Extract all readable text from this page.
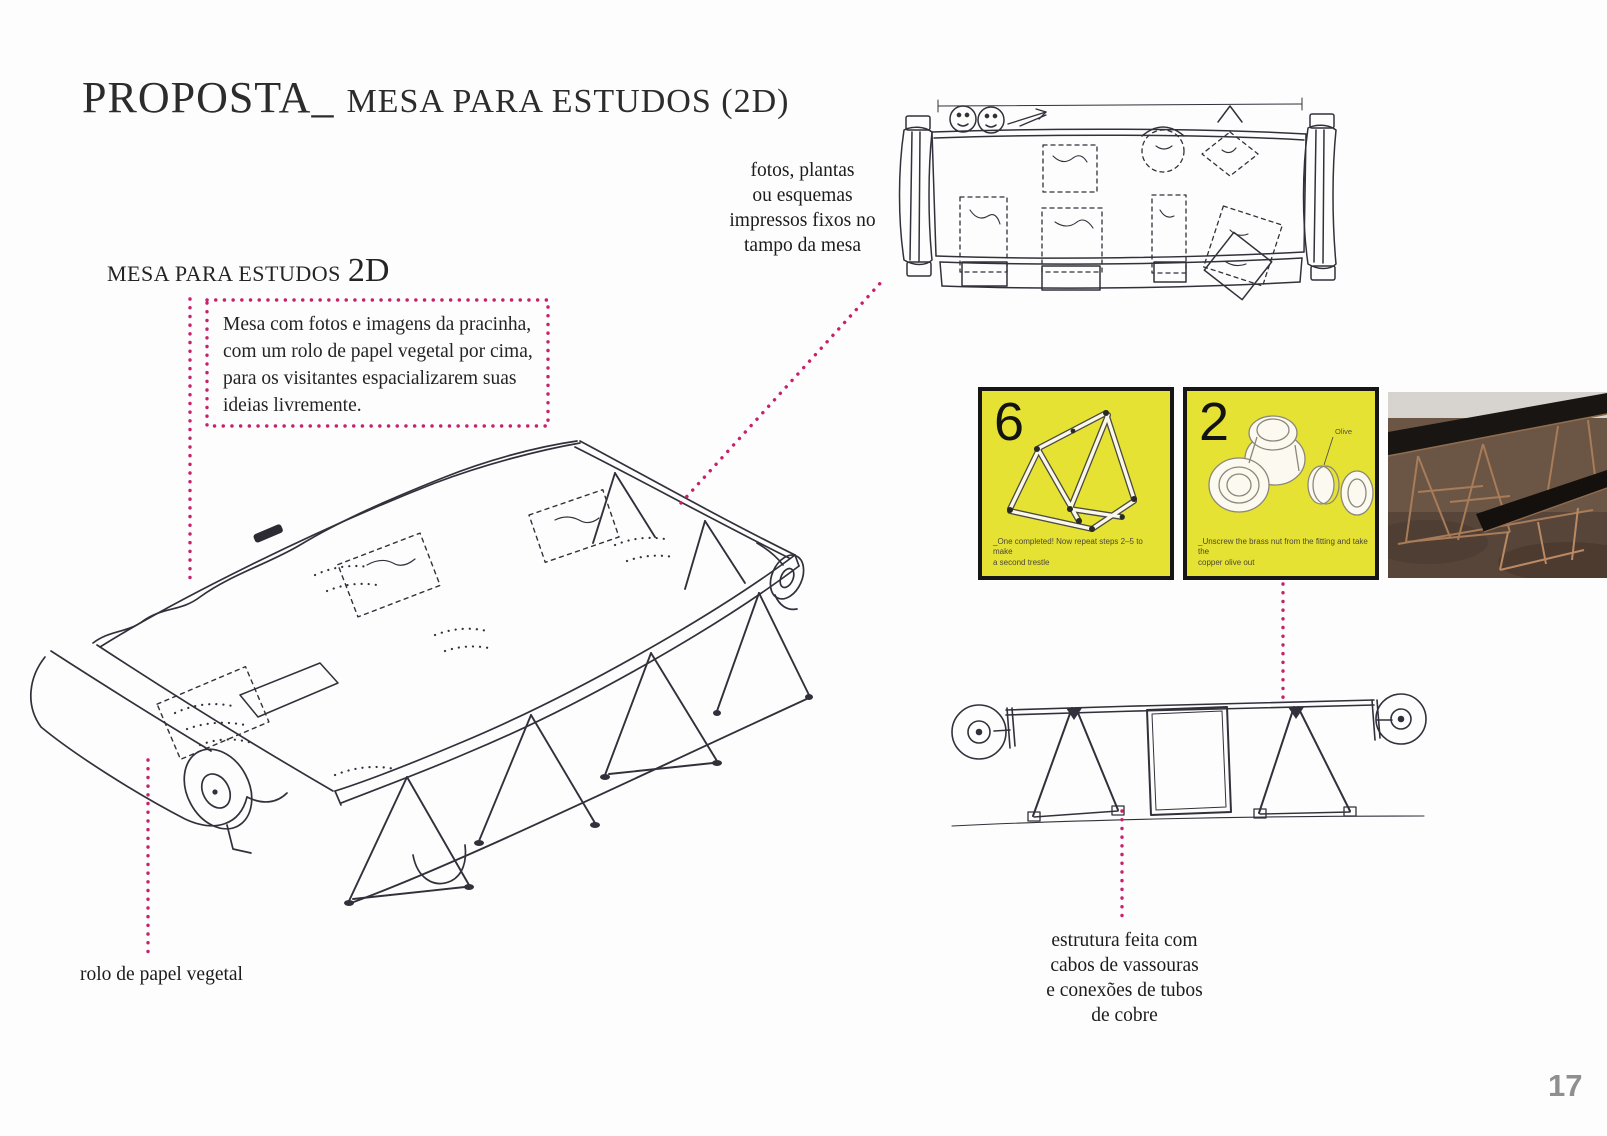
PROPOSTA_ MESA PARA ESTUDOS (2D)
MESA PARA ESTUDOS 2D
Mesa com fotos e imagens da pracinha,
com um rolo de papel vegetal por cima,
para os visitantes espacializarem suas
ideias livremente.
fotos, plantas
ou esquemas
impressos fixos no
tampo da mesa
estrutura feita com
cabos de vassouras
e conexões de tubos
de cobre
rolo de papel vegetal
6
_One completed! Now repeat steps 2–5 to make
a second trestle
2	Olive
_Unscrew the brass nut from the fitting and take the
copper olive out
17
